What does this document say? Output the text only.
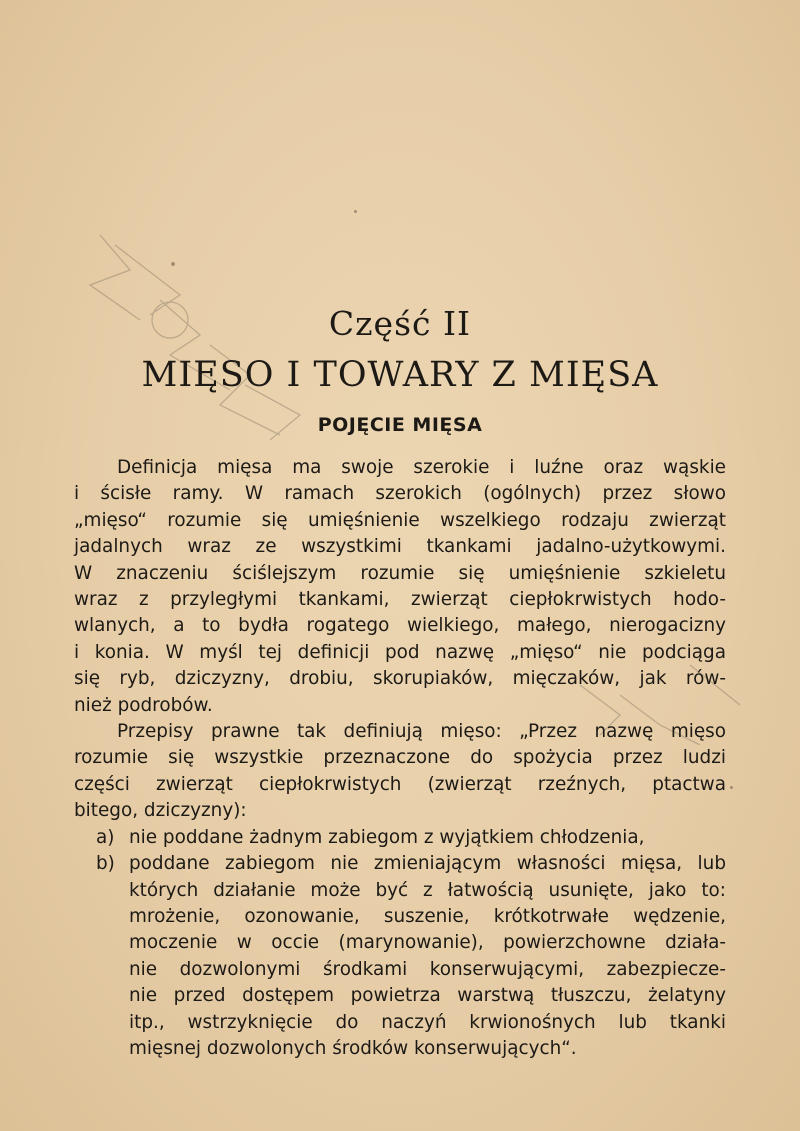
Część II
MIĘSO I TOWARY Z MIĘSA
POJĘCIE MIĘSA

Definicja mięsa ma swoje szerokie i luźne oraz wąskie
i ścisłe ramy. W ramach szerokich (ogólnych) przez słowo
„mięso“ rozumie się umięśnienie wszelkiego rodzaju zwierząt
jadalnych wraz ze wszystkimi tkankami jadalno-użytkowymi.
W znaczeniu ściślejszym rozumie się umięśnienie szkieletu
wraz z przyległymi tkankami, zwierząt ciepłokrwistych hodo-
wlanych, a to bydła rogatego wielkiego, małego, nierogacizny
i konia. W myśl tej definicji pod nazwę „mięso“ nie podciąga
się ryb, dziczyzny, drobiu, skorupiaków, mięczaków, jak rów-
nież podrobów.

Przepisy prawne tak definiują mięso: „Przez nazwę mięso
rozumie się wszystkie przeznaczone do spożycia przez ludzi
części zwierząt ciepłokrwistych (zwierząt rzeźnych, ptactwa
bitego, dziczyzny):

a) nie poddane żadnym zabiegom z wyjątkiem chłodzenia,
b) poddane zabiegom nie zmieniającym własności mięsa, lub
których działanie może być z łatwością usunięte, jako to:
mrożenie, ozonowanie, suszenie, krótkotrwałe wędzenie,
moczenie w occie (marynowanie), powierzchowne działa-
nie dozwolonymi środkami konserwującymi, zabezpiecze-
nie przed dostępem powietrza warstwą tłuszczu, żelatyny
itp., wstrzyknięcie do naczyń krwionośnych lub tkanki
mięsnej dozwolonych środków konserwujących“.
